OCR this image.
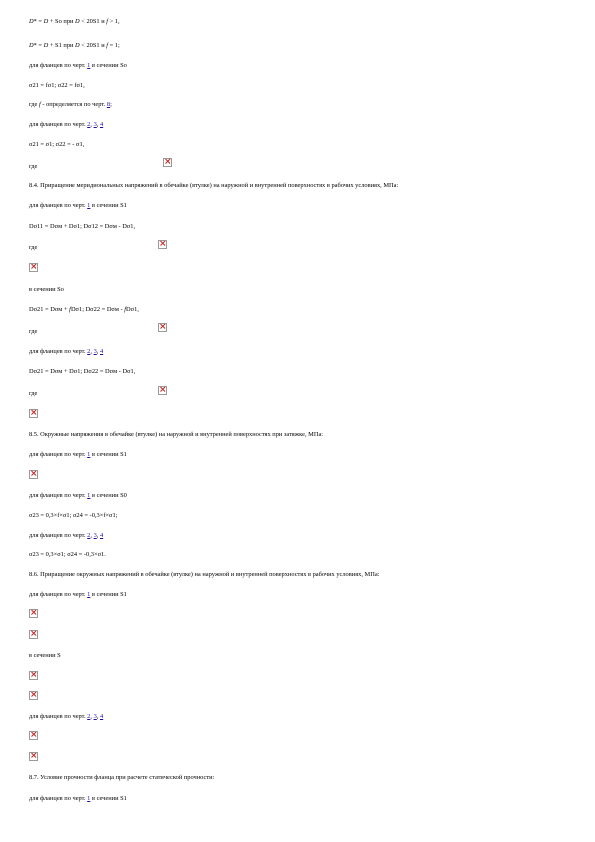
D* = D + So при D < 20S1 и f > 1,
D* = D + S1 при D < 20S1 и f = 1;
для фланцев по черт. 1 в сечении So
σ21 = fσ1; σ22 = fσ1,
где f - определяется по черт. 8;
для фланцев по черт. 2, 3, 4
σ21 = σ1; σ22 = - σ1,
где
×
8.4. Приращение меридиональных напряжений в обечайке (втулке) на наружной и внутренней поверхностях в рабочих условиях, МПа:
для фланцев по черт. 1 в сечении S1
Dσ11 = Dσм + Dσ1; Dσ12 = Dσм - Dσ1,
где
×
×
в сечении So
Dσ21 = Dσм + fDσ1; Dσ22 = Dσм - fDσ1,
где
×
для фланцев по черт. 2, 3, 4
Dσ21 = Dσм + Dσ1; Dσ22 = Dσм - Dσ1,
где
×
×
8.5. Окружные напряжения в обечайке (втулке) на наружной и внутренней поверхностях при затяжке, МПа:
для фланцев по черт. 1 в сечении S1
×
для фланцев по черт. 1 в сечении S0
σ23 = 0,3×f×σ1; σ24 = -0,3×f×σ1;
для фланцев по черт. 2, 3, 4
σ23 = 0,3×σ1; σ24 = -0,3×σ1.
8.6. Приращение окружных напряжений в обечайке (втулке) на наружной и внутренней поверхностях в рабочих условиях, МПа:
для фланцев по черт. 1 в сечении S1
×
×
в сечении S
×
×
для фланцев по черт. 2, 3, 4
×
×
8.7. Условие прочности фланца при расчете статической прочности:
для фланцев по черт. 1 в сечении S1
